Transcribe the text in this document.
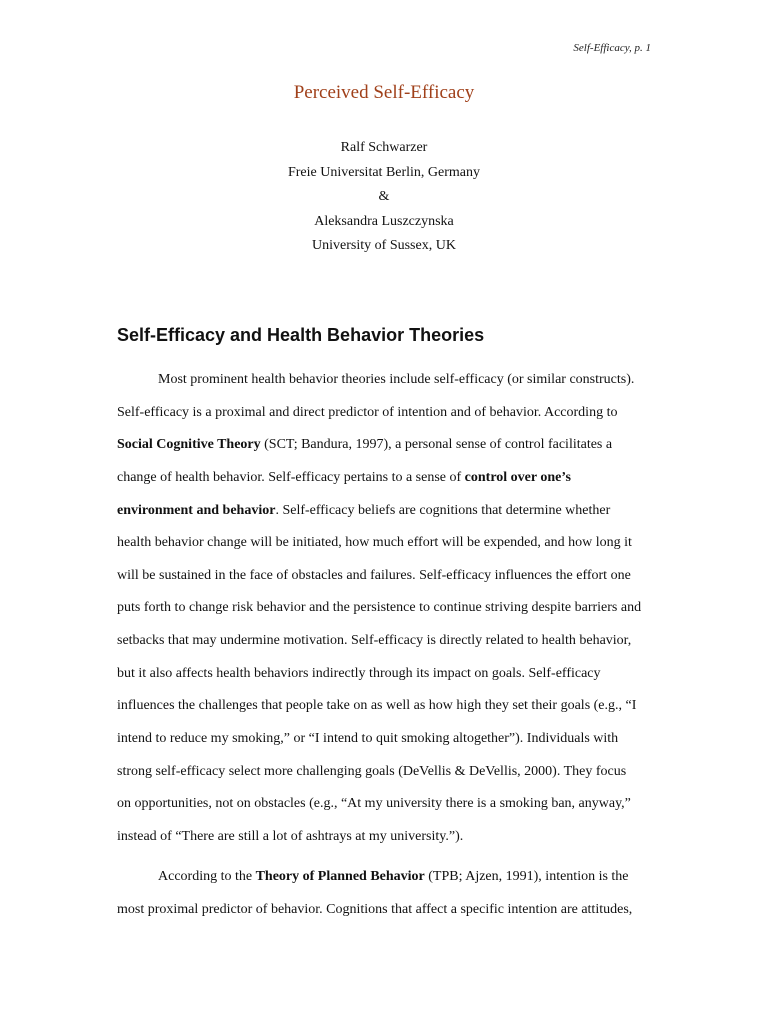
Self-Efficacy, p. 1
Perceived Self-Efficacy
Ralf Schwarzer
Freie Universitat Berlin, Germany
&
Aleksandra Luszczynska
University of Sussex, UK
Self-Efficacy and Health Behavior Theories
Most prominent health behavior theories include self-efficacy (or similar constructs).
Self-efficacy is a proximal and direct predictor of intention and of behavior. According to
Social Cognitive Theory (SCT; Bandura, 1997), a personal sense of control facilitates a
change of health behavior. Self-efficacy pertains to a sense of control over one’s
environment and behavior. Self-efficacy beliefs are cognitions that determine whether
health behavior change will be initiated, how much effort will be expended, and how long it
will be sustained in the face of obstacles and failures. Self-efficacy influences the effort one
puts forth to change risk behavior and the persistence to continue striving despite barriers and
setbacks that may undermine motivation. Self-efficacy is directly related to health behavior,
but it also affects health behaviors indirectly through its impact on goals. Self-efficacy
influences the challenges that people take on as well as how high they set their goals (e.g., “I
intend to reduce my smoking,” or “I intend to quit smoking altogether”). Individuals with
strong self-efficacy select more challenging goals (DeVellis & DeVellis, 2000). They focus
on opportunities, not on obstacles (e.g., “At my university there is a smoking ban, anyway,”
instead of “There are still a lot of ashtrays at my university.”).
According to the Theory of Planned Behavior (TPB; Ajzen, 1991), intention is the
most proximal predictor of behavior. Cognitions that affect a specific intention are attitudes,
